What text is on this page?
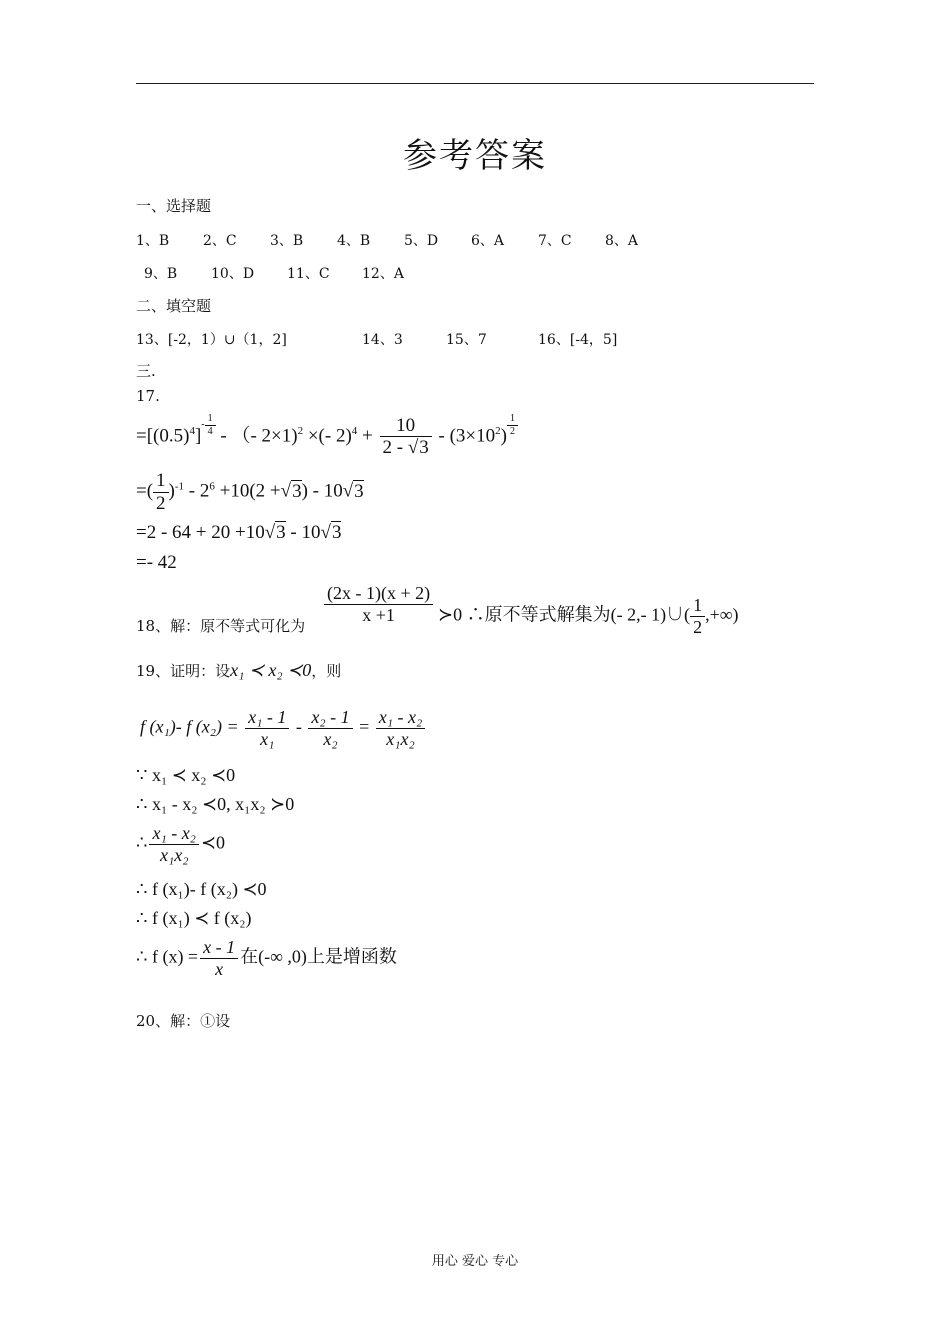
参考答案
一、选择题
1、B 2、C 3、B 4、B 5、D 6、A 7、C 8、A
9、B 10、D 11、C 12、A
二、填空题
13、[-2，1）∪（1，2]	14、3	15、7	16、[-4，5]
三.
17.
$=[(0.5)^4]^{- \frac{1}{4}}$ - （- 2×1)$^2$ ×(- $2)^4 + \frac{10}{2 - √3} - (3\times 10^2)$ $^{\frac{1}{2}}$
=( $\frac{1}{2} )^{-1} - 2^6 +10(2 +√3) - 10√3$
=2 - 64 + 20 +10√3 - 10√3
=- 42
18、解：原不等式可化为
$\frac{(2x - 1)(x + 2)}{x +1}$ ≻0 ∴原不等式解集为(- 2,- 1)∪( $\frac{1}{2}$ ,+∞)
19、证明：设x₁ ≺ x₂ ≺0，则
f (x₁)- f $(x_2) = \frac{\text{x₁ - 1}}{\text{x₁}} - \frac{\text{x₂ - 1}}{\text{x₂}} = \frac{\text{x₁ - x₂}}{\text{x₁x₂}}$
∵ x₁ ≺ x₂ ≺0
∴ x₁ - x₂ ≺0, x₁x₂ ≻0
∴ $\frac{\text{x₁ - x₂}}{\text{x₁x₂}}$ ≺0
∴ f (x₁)- f (x₂) ≺0
∴ f (x₁) ≺ f (x₂)
∴ f $(x) = \frac{x - 1}{x}$ 在(-∞ ,0)上是增函数
20、解：①设
用心 爱心 专心
